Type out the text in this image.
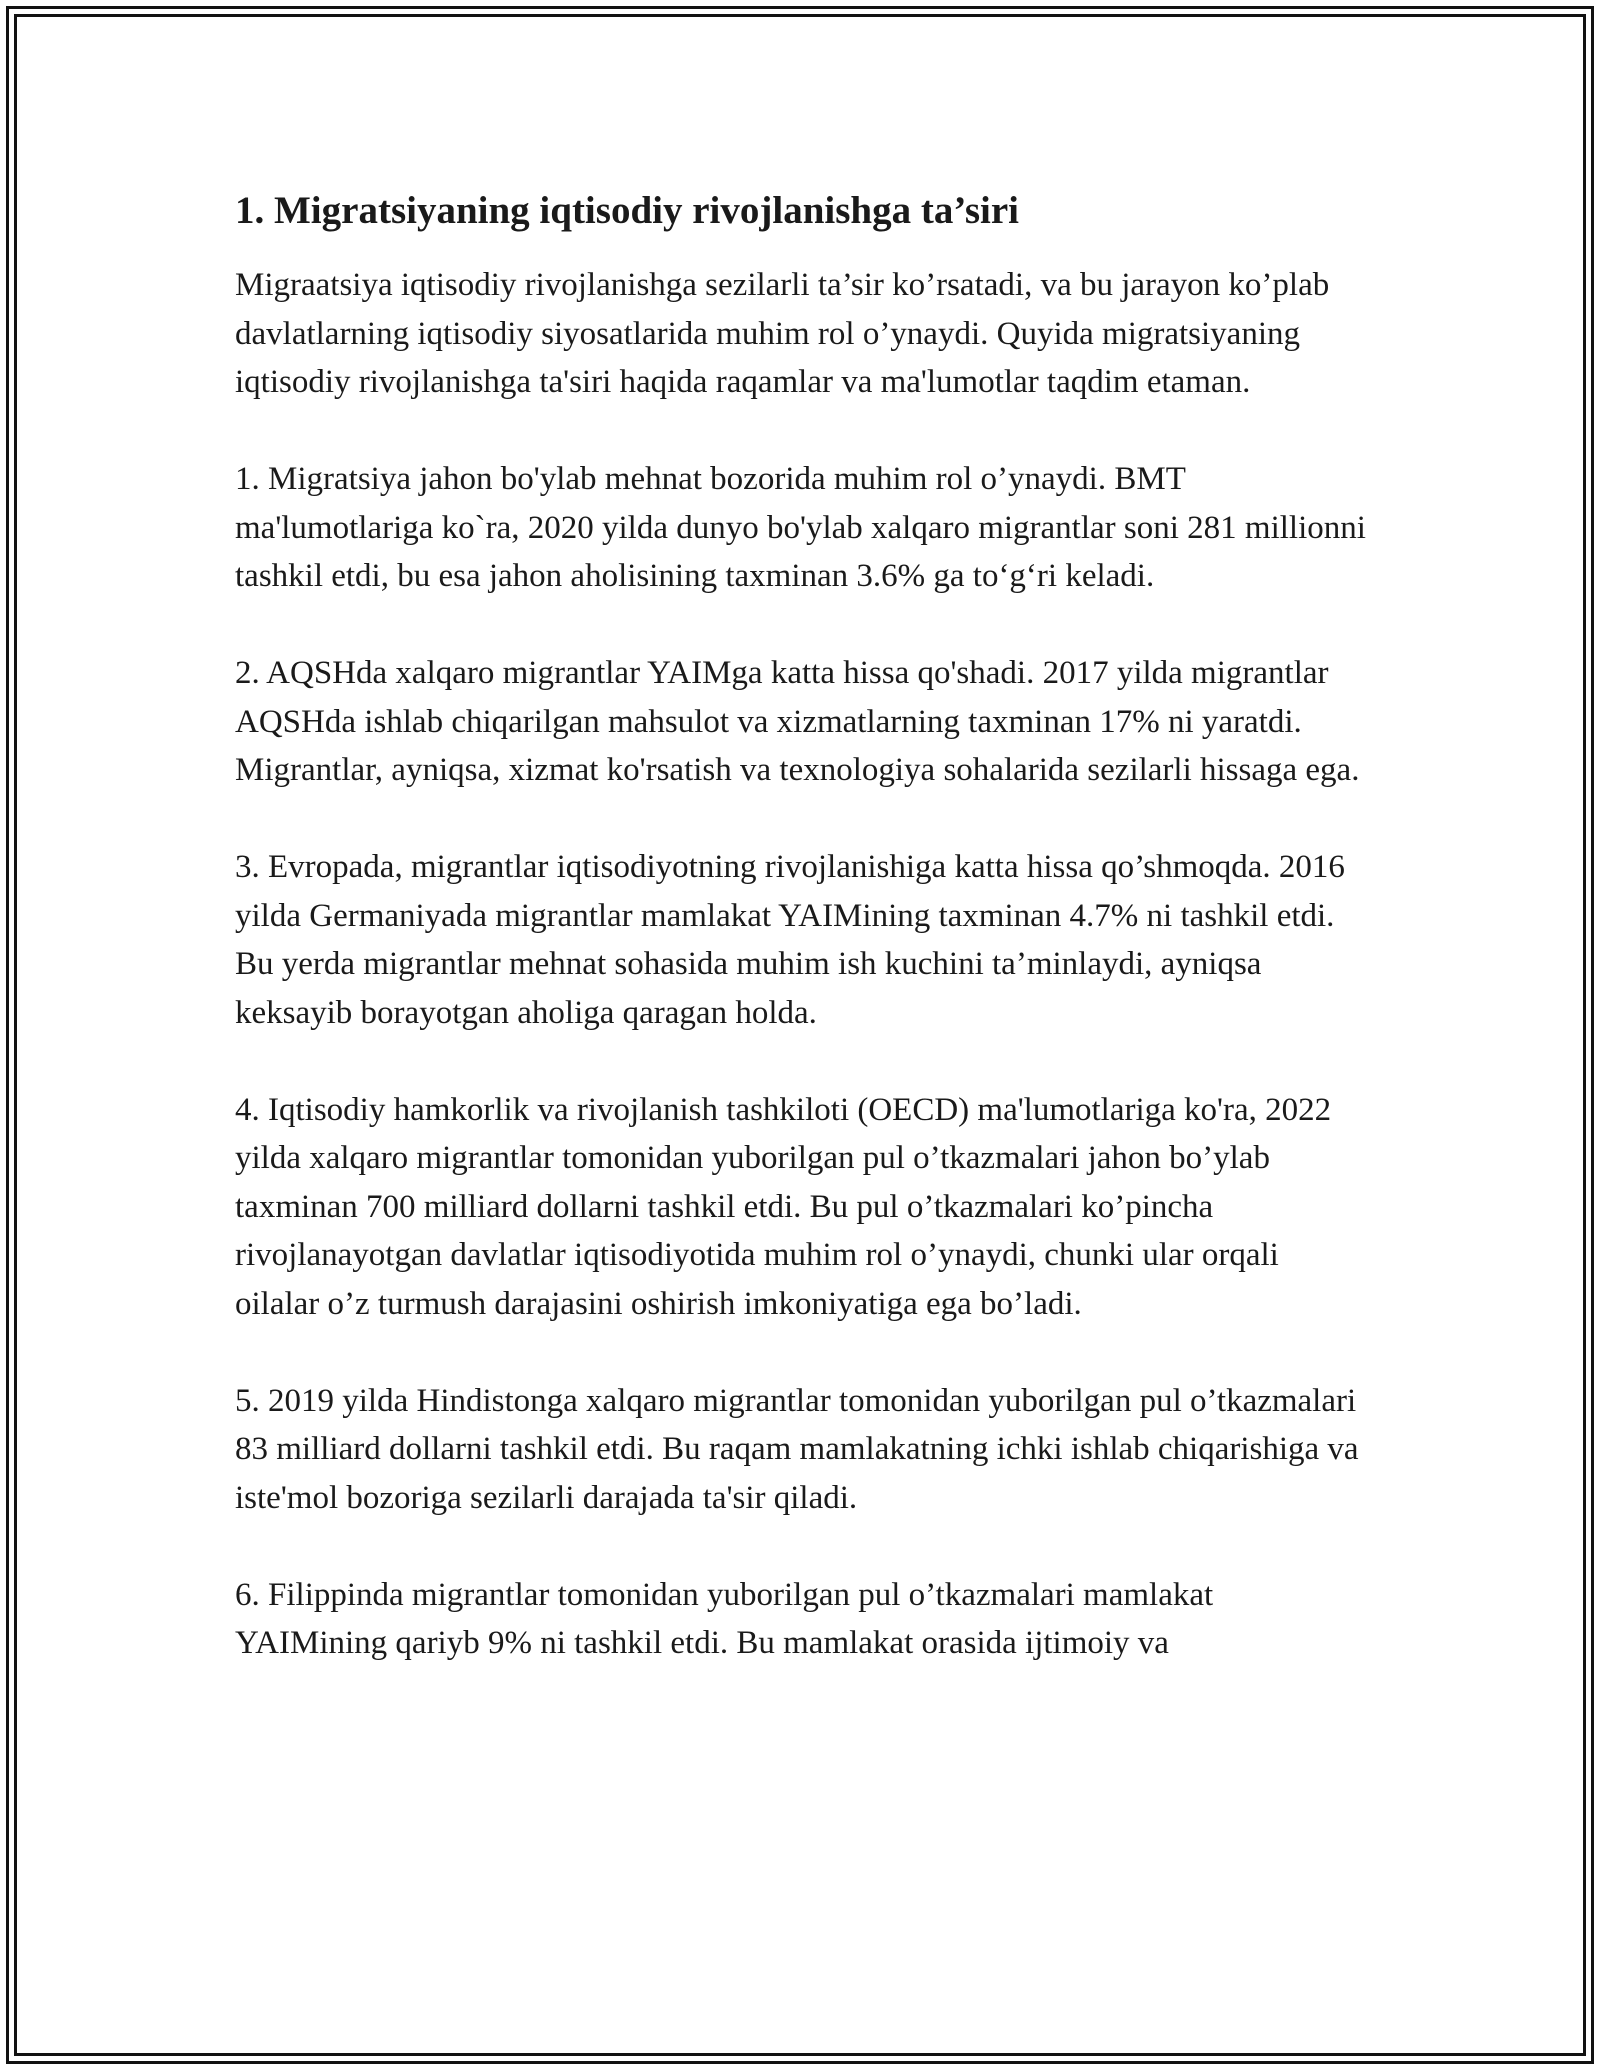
1. Migratsiyaning iqtisodiy rivojlanishga ta’siri

Migraatsiya iqtisodiy rivojlanishga sezilarli ta’sir ko’rsatadi, va bu jarayon ko’plab davlatlarning iqtisodiy siyosatlarida muhim rol o’ynaydi. Quyida migratsiyaning iqtisodiy rivojlanishga ta'siri haqida raqamlar va ma'lumotlar taqdim etaman.

1. Migratsiya jahon bo'ylab mehnat bozorida muhim rol o’ynaydi. BMT ma'lumotlariga ko`ra, 2020 yilda dunyo bo'ylab xalqaro migrantlar soni 281 millionni tashkil etdi, bu esa jahon aholisining taxminan 3.6% ga to‘g‘ri keladi.

2. AQSHda xalqaro migrantlar YAIMga katta hissa qo'shadi. 2017 yilda migrantlar AQSHda ishlab chiqarilgan mahsulot va xizmatlarning taxminan 17% ni yaratdi. Migrantlar, ayniqsa, xizmat ko'rsatish va texnologiya sohalarida sezilarli hissaga ega.

3. Evropada, migrantlar iqtisodiyotning rivojlanishiga katta hissa qo’shmoqda. 2016 yilda Germaniyada migrantlar mamlakat YAIMining taxminan 4.7% ni tashkil etdi. Bu yerda migrantlar mehnat sohasida muhim ish kuchini ta’minlaydi, ayniqsa keksayib borayotgan aholiga qaragan holda.

4. Iqtisodiy hamkorlik va rivojlanish tashkiloti (OECD) ma'lumotlariga ko'ra, 2022 yilda xalqaro migrantlar tomonidan yuborilgan pul o’tkazmalari jahon bo’ylab taxminan 700 milliard dollarni tashkil etdi. Bu pul o’tkazmalari ko’pincha rivojlanayotgan davlatlar iqtisodiyotida muhim rol o’ynaydi, chunki ular orqali oilalar o’z turmush darajasini oshirish imkoniyatiga ega bo’ladi.

5. 2019 yilda Hindistonga xalqaro migrantlar tomonidan yuborilgan pul o’tkazmalari 83 milliard dollarni tashkil etdi. Bu raqam mamlakatning ichki ishlab chiqarishiga va iste'mol bozoriga sezilarli darajada ta'sir qiladi.

6. Filippinda migrantlar tomonidan yuborilgan pul o’tkazmalari mamlakat YAIMining qariyb 9% ni tashkil etdi. Bu mamlakat orasida ijtimoiy va
